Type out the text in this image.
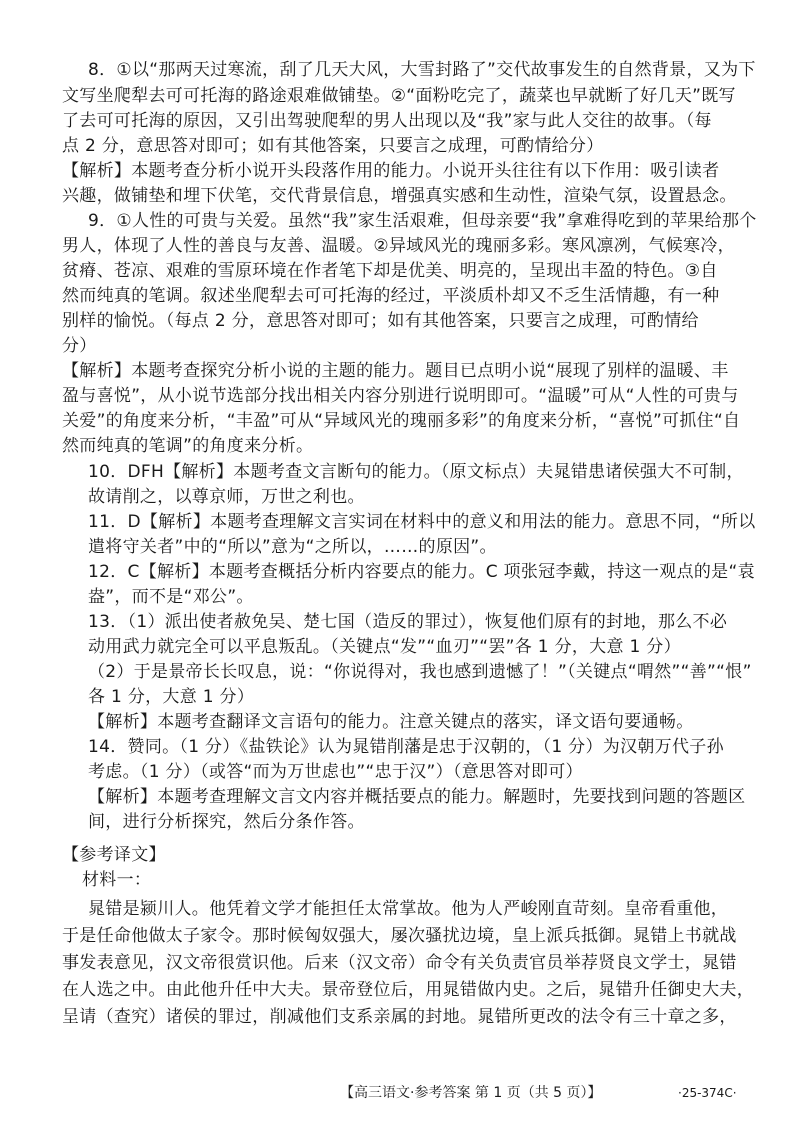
8．①以“那两天过寒流，刮了几天大风，大雪封路了”交代故事发生的自然背景，又为下
文写坐爬犁去可可托海的路途艰难做铺垫。②“面粉吃完了，蔬菜也早就断了好几天”既写
了去可可托海的原因，又引出驾驶爬犁的男人出现以及“我”家与此人交往的故事。（每
点 2 分，意思答对即可；如有其他答案，只要言之成理，可酌情给分）
【解析】本题考查分析小说开头段落作用的能力。小说开头往往有以下作用：吸引读者
兴趣，做铺垫和埋下伏笔，交代背景信息，增强真实感和生动性，渲染气氛，设置悬念。
9．①人性的可贵与关爱。虽然“我”家生活艰难，但母亲要“我”拿难得吃到的苹果给那个
男人，体现了人性的善良与友善、温暖。②异域风光的瑰丽多彩。寒风凛冽，气候寒冷，
贫瘠、苍凉、艰难的雪原环境在作者笔下却是优美、明亮的，呈现出丰盈的特色。③自
然而纯真的笔调。叙述坐爬犁去可可托海的经过，平淡质朴却又不乏生活情趣，有一种
别样的愉悦。（每点 2 分，意思答对即可；如有其他答案，只要言之成理，可酌情给
分）
【解析】本题考查探究分析小说的主题的能力。题目已点明小说“展现了别样的温暖、丰
盈与喜悦”，从小说节选部分找出相关内容分别进行说明即可。“温暖”可从“人性的可贵与
关爱”的角度来分析，“丰盈”可从“异域风光的瑰丽多彩”的角度来分析，“喜悦”可抓住“自
然而纯真的笔调”的角度来分析。
10．DFH【解析】本题考查文言断句的能力。（原文标点）夫晁错患诸侯强大不可制，
故请削之，以尊京师，万世之利也。
11．D【解析】本题考查理解文言实词在材料中的意义和用法的能力。意思不同，“所以
遣将守关者”中的“所以”意为“之所以，……的原因”。
12．C【解析】本题考查概括分析内容要点的能力。C 项张冠李戴，持这一观点的是“袁
盎”，而不是“邓公”。
13．（1）派出使者赦免吴、楚七国（造反的罪过），恢复他们原有的封地，那么不必
动用武力就完全可以平息叛乱。（关键点“发”“血刃”“罢”各 1 分，大意 1 分）
（2）于是景帝长长叹息，说：“你说得对，我也感到遗憾了！”（关键点“喟然”“善”“恨”
各 1 分，大意 1 分）
【解析】本题考查翻译文言语句的能力。注意关键点的落实，译文语句要通畅。
14．赞同。（1 分）《盐铁论》认为晁错削藩是忠于汉朝的，（1 分）为汉朝万代子孙
考虑。（1 分）（或答“而为万世虑也”“忠于汉”）（意思答对即可）
【解析】本题考查理解文言文内容并概括要点的能力。解题时，先要找到问题的答题区
间，进行分析探究，然后分条作答。
【参考译文】
材料一：
晁错是颍川人。他凭着文学才能担任太常掌故。他为人严峻刚直苛刻。皇帝看重他，
于是任命他做太子家令。那时候匈奴强大，屡次骚扰边境，皇上派兵抵御。晁错上书就战
事发表意见，汉文帝很赏识他。后来（汉文帝）命令有关负责官员举荐贤良文学士，晁错
在人选之中。由此他升任中大夫。景帝登位后，用晁错做内史。之后，晁错升任御史大夫，
呈请（查究）诸侯的罪过，削减他们支系亲属的封地。晁错所更改的法令有三十章之多，
【高三语文·参考答案 第 1 页（共 5 页）】	·25-374C·
